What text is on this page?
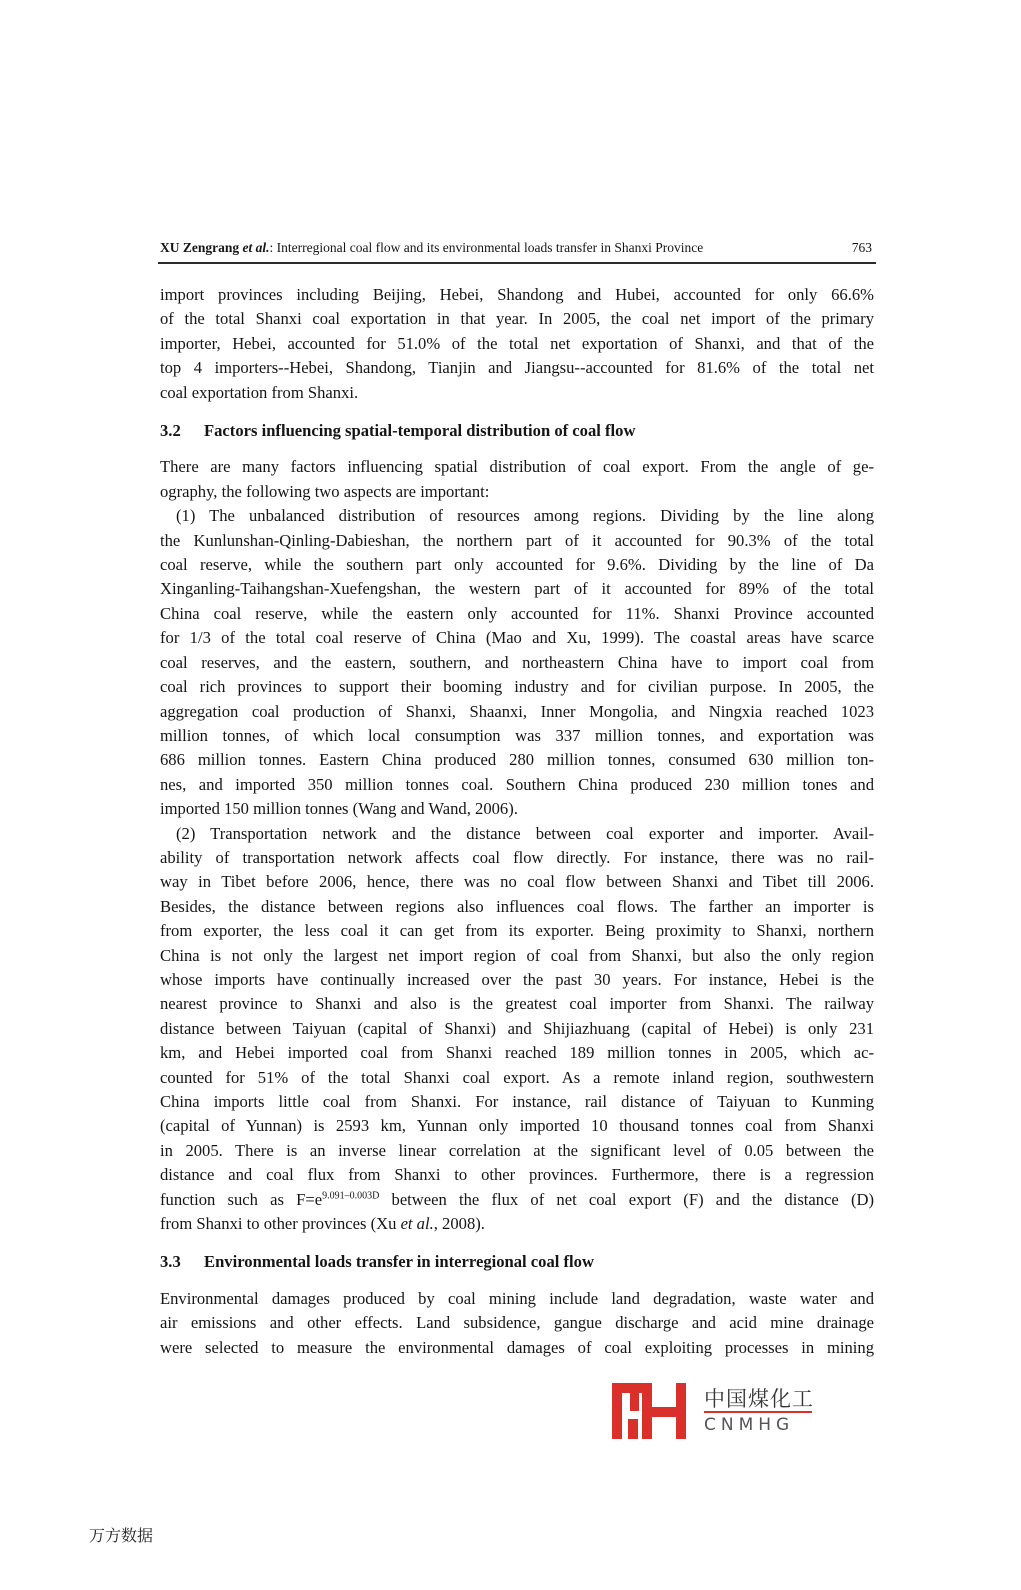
XU Zengrang et al.: Interregional coal flow and its environmental loads transfer in Shanxi Province	763

import provinces including Beijing, Hebei, Shandong and Hubei, accounted for only 66.6%
of the total Shanxi coal exportation in that year. In 2005, the coal net import of the primary
importer, Hebei, accounted for 51.0% of the total net exportation of Shanxi, and that of the
top 4 importers--Hebei, Shandong, Tianjin and Jiangsu--accounted for 81.6% of the total net
coal exportation from Shanxi.

3.2 Factors influencing spatial-temporal distribution of coal flow

There are many factors influencing spatial distribution of coal export. From the angle of ge-
ography, the following two aspects are important:

(1) The unbalanced distribution of resources among regions. Dividing by the line along
the Kunlunshan-Qinling-Dabieshan, the northern part of it accounted for 90.3% of the total
coal reserve, while the southern part only accounted for 9.6%. Dividing by the line of Da
Xinganling-Taihangshan-Xuefengshan, the western part of it accounted for 89% of the total
China coal reserve, while the eastern only accounted for 11%. Shanxi Province accounted
for 1/3 of the total coal reserve of China (Mao and Xu, 1999). The coastal areas have scarce
coal reserves, and the eastern, southern, and northeastern China have to import coal from
coal rich provinces to support their booming industry and for civilian purpose. In 2005, the
aggregation coal production of Shanxi, Shaanxi, Inner Mongolia, and Ningxia reached 1023
million tonnes, of which local consumption was 337 million tonnes, and exportation was
686 million tonnes. Eastern China produced 280 million tonnes, consumed 630 million ton-
nes, and imported 350 million tonnes coal. Southern China produced 230 million tones and
imported 150 million tonnes (Wang and Wand, 2006).

(2) Transportation network and the distance between coal exporter and importer. Avail-
ability of transportation network affects coal flow directly. For instance, there was no rail-
way in Tibet before 2006, hence, there was no coal flow between Shanxi and Tibet till 2006.
Besides, the distance between regions also influences coal flows. The farther an importer is
from exporter, the less coal it can get from its exporter. Being proximity to Shanxi, northern
China is not only the largest net import region of coal from Shanxi, but also the only region
whose imports have continually increased over the past 30 years. For instance, Hebei is the
nearest province to Shanxi and also is the greatest coal importer from Shanxi. The railway
distance between Taiyuan (capital of Shanxi) and Shijiazhuang (capital of Hebei) is only 231
km, and Hebei imported coal from Shanxi reached 189 million tonnes in 2005, which ac-
counted for 51% of the total Shanxi coal export. As a remote inland region, southwestern
China imports little coal from Shanxi. For instance, rail distance of Taiyuan to Kunming
(capital of Yunnan) is 2593 km, Yunnan only imported 10 thousand tonnes coal from Shanxi
in 2005. There is an inverse linear correlation at the significant level of 0.05 between the
distance and coal flux from Shanxi to other provinces. Furthermore, there is a regression
function such as $F=e^{9.091-0.003D}$ between the flux of net coal export (F) and the distance (D)
from Shanxi to other provinces (Xu et al., 2008).

3.3 Environmental loads transfer in interregional coal flow

Environmental damages produced by coal mining include land degradation, waste water and
air emissions and other effects. Land subsidence, gangue discharge and acid mine drainage
were selected to measure the environmental damages of coal exploiting processes in mining

中国煤化工
CNMHG
万方数据
